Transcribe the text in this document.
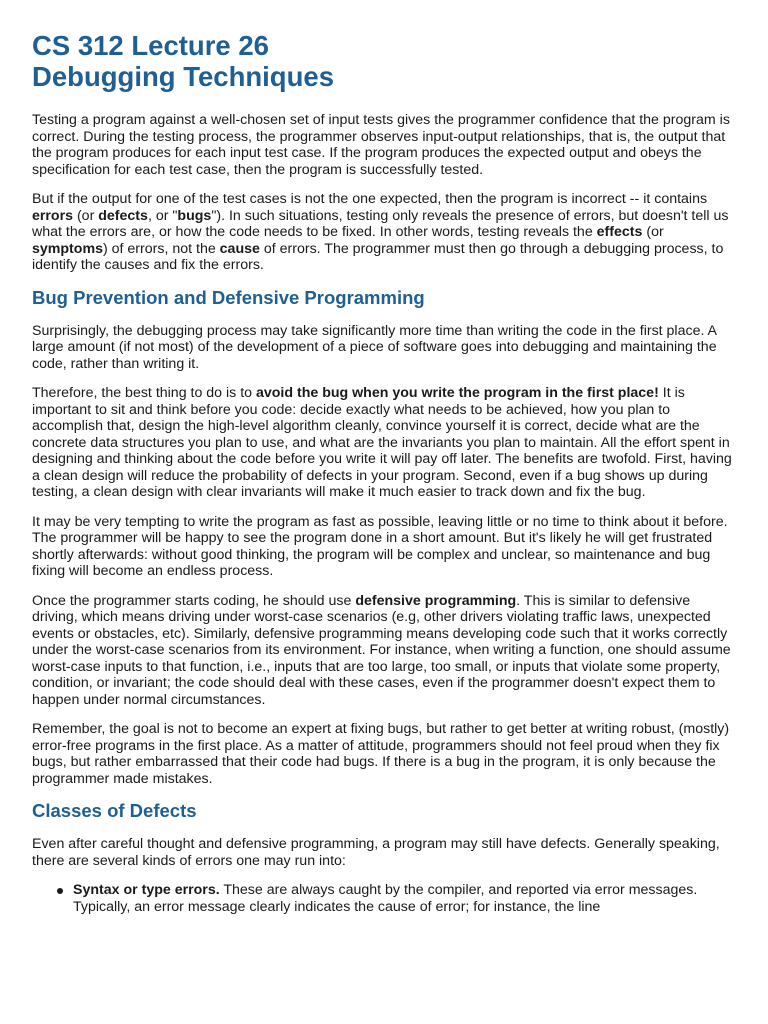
CS 312 Lecture 26
Debugging Techniques

Testing a program against a well-chosen set of input tests gives the programmer confidence that the program is correct. During the testing process, the programmer observes input-output relationships, that is, the output that the program produces for each input test case. If the program produces the expected output and obeys the specification for each test case, then the program is successfully tested.

But if the output for one of the test cases is not the one expected, then the program is incorrect -- it contains errors (or defects, or "bugs"). In such situations, testing only reveals the presence of errors, but doesn't tell us what the errors are, or how the code needs to be fixed. In other words, testing reveals the effects (or symptoms) of errors, not the cause of errors. The programmer must then go through a debugging process, to identify the causes and fix the errors.

Bug Prevention and Defensive Programming

Surprisingly, the debugging process may take significantly more time than writing the code in the first place. A large amount (if not most) of the development of a piece of software goes into debugging and maintaining the code, rather than writing it.

Therefore, the best thing to do is to avoid the bug when you write the program in the first place! It is important to sit and think before you code: decide exactly what needs to be achieved, how you plan to accomplish that, design the high-level algorithm cleanly, convince yourself it is correct, decide what are the concrete data structures you plan to use, and what are the invariants you plan to maintain. All the effort spent in designing and thinking about the code before you write it will pay off later. The benefits are twofold. First, having a clean design will reduce the probability of defects in your program. Second, even if a bug shows up during testing, a clean design with clear invariants will make it much easier to track down and fix the bug.

It may be very tempting to write the program as fast as possible, leaving little or no time to think about it before. The programmer will be happy to see the program done in a short amount. But it's likely he will get frustrated shortly afterwards: without good thinking, the program will be complex and unclear, so maintenance and bug fixing will become an endless process.

Once the programmer starts coding, he should use defensive programming. This is similar to defensive driving, which means driving under worst-case scenarios (e.g, other drivers violating traffic laws, unexpected events or obstacles, etc). Similarly, defensive programming means developing code such that it works correctly under the worst-case scenarios from its environment. For instance, when writing a function, one should assume worst-case inputs to that function, i.e., inputs that are too large, too small, or inputs that violate some property, condition, or invariant; the code should deal with these cases, even if the programmer doesn't expect them to happen under normal circumstances.

Remember, the goal is not to become an expert at fixing bugs, but rather to get better at writing robust, (mostly) error-free programs in the first place. As a matter of attitude, programmers should not feel proud when they fix bugs, but rather embarrassed that their code had bugs. If there is a bug in the program, it is only because the programmer made mistakes.

Classes of Defects

Even after careful thought and defensive programming, a program may still have defects. Generally speaking, there are several kinds of errors one may run into:

Syntax or type errors. These are always caught by the compiler, and reported via error messages. Typically, an error message clearly indicates the cause of error; for instance, the line
